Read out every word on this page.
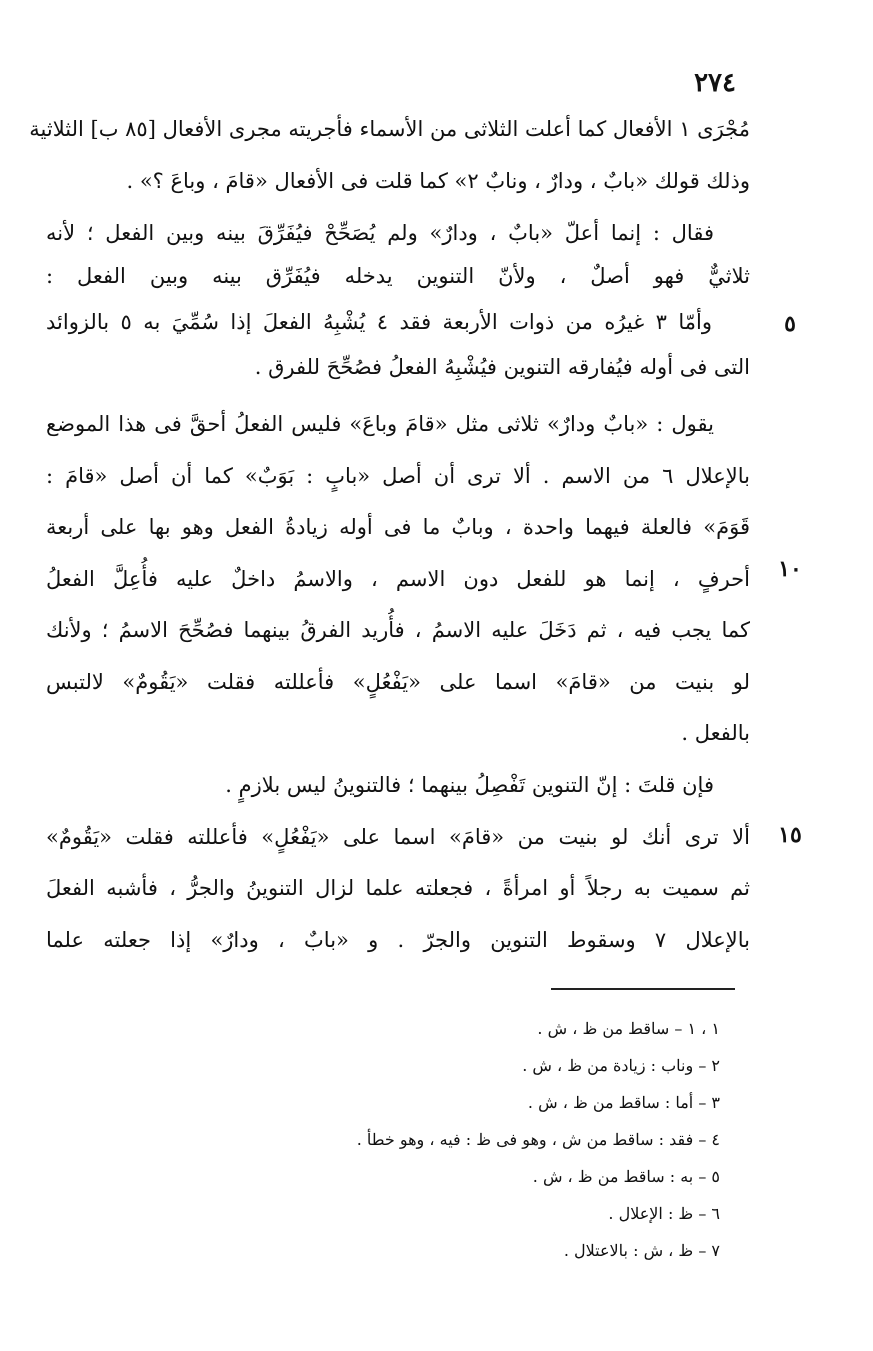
٢٧٤
مُجْرَى ١ الأفعال كما أعلت الثلاثى من الأسماء فأجريته مجرى الأفعال [٨٥ ب] الثلاثية
وذلك قولك «بابٌ ، ودارٌ ، ونابٌ ٢» كما قلت فى الأفعال «قامَ ، وباعَ ؟» .
فقال : إنما أعلّ «بابٌ ، ودارٌ» ولم يُصَحِّحْ فيُفَرِّقَ بينه وبين الفعل ؛ لأنه
ثلاثيٌّ فهو أصلٌ ، ولأنّ التنوين يدخله فيُفَرِّق بينه وبين الفعل :
وأمّا ٣ غيرُه من ذوات الأربعة فقد ٤ يُشْبِهُ الفعلَ إذا سُمِّيَ به ٥ بالزوائد
التى فى أوله فيُفارقه التنوين فيُشْبِهُ الفعلُ فصُحِّحَ للفرق .
يقول : «بابٌ ودارٌ» ثلاثى مثل «قامَ وباعَ» فليس الفعلُ أحقَّ فى هذا الموضع
بالإعلال ٦ من الاسم . ألا ترى أن أصل «بابٍ : بَوَبٌ» كما أن أصل «قامَ :
قَوَمَ» فالعلة فيهما واحدة ، وبابٌ ما فى أوله زيادةُ الفعل وهو بها على أربعة
أحرفٍ ، إنما هو للفعل دون الاسم ، والاسمُ داخلٌ عليه فأُعِلَّ الفعلُ
كما يجب فيه ، ثم دَخَلَ عليه الاسمُ ، فأُريد الفرقُ بينهما فصُحِّحَ الاسمُ ؛ ولأنك
لو بنيت من «قامَ» اسما على «يَفْعُلٍ» فأعللته فقلت «يَقُومٌ» لالتبس
بالفعل .
فإن قلتَ : إنّ التنوين تَفْصِلُ بينهما ؛ فالتنوينُ ليس بلازمٍ .
ألا ترى أنك لو بنيت من «قامَ» اسما على «يَفْعُلٍ» فأعللته فقلت «يَقُومٌ»
ثم سميت به رجلاً أو امرأةً ، فجعلته علما لزال التنوينُ والجرُّ ، فأشبه الفعلَ
بالإعلال ٧ وسقوط التنوين والجرّ . و «بابٌ ، ودارٌ» إذا جعلته علما
٥
١٠
١٥
١ ، ١ – ساقط من ظ ، ش .
٢ – وناب : زيادة من ظ ، ش .
٣ – أما : ساقط من ظ ، ش .
٤ – فقد : ساقط من ش ، وهو فى ظ : فيه ، وهو خطأ .
٥ – به : ساقط من ظ ، ش .
٦ – ظ : الإعلال .
٧ – ظ ، ش : بالاعتلال .
